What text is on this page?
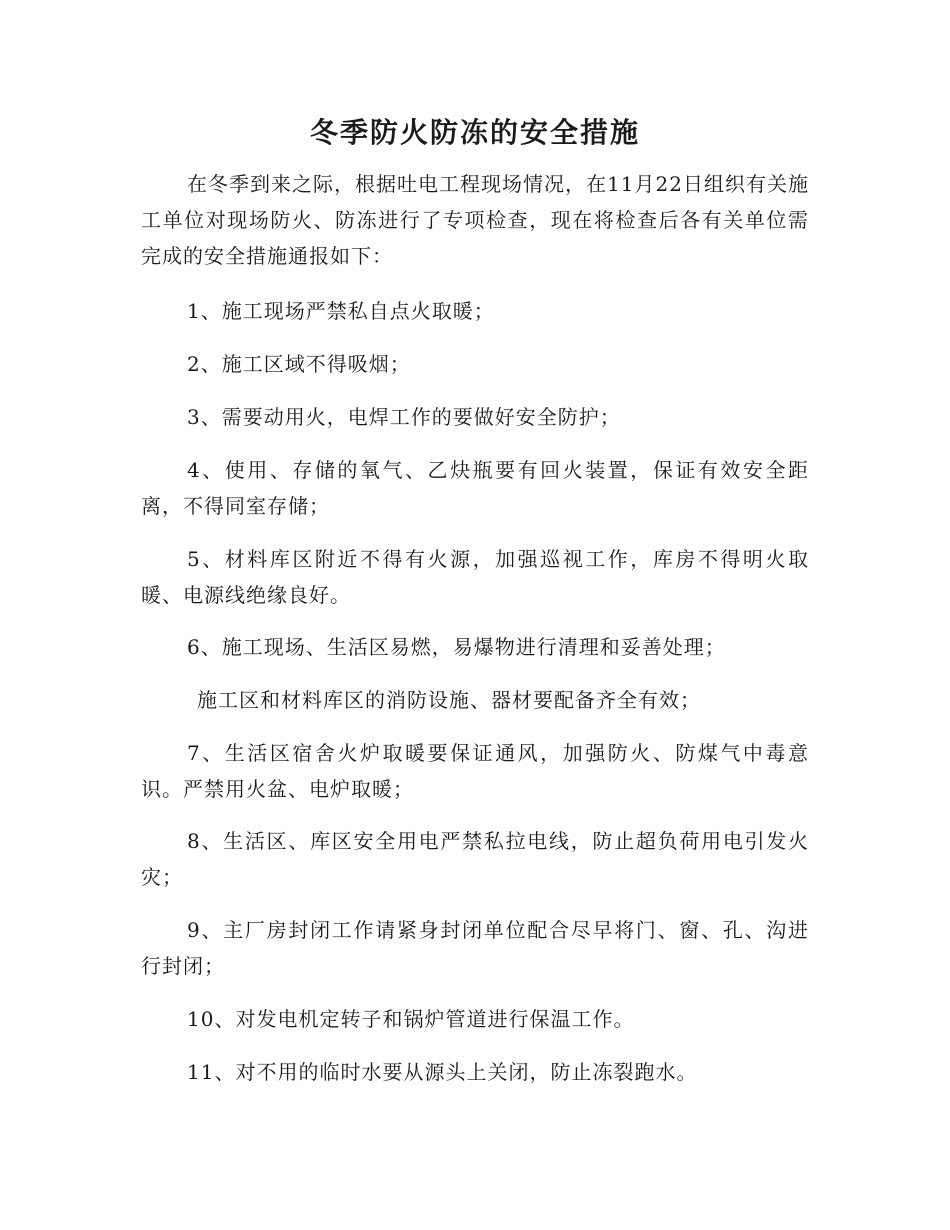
冬季防火防冻的安全措施

在冬季到来之际，根据吐电工程现场情况，在11月22日组织有关施工单位对现场防火、防冻进行了专项检查，现在将检查后各有关单位需完成的安全措施通报如下：

1、施工现场严禁私自点火取暖；

2、施工区域不得吸烟；

3、需要动用火，电焊工作的要做好安全防护；

4、使用、存储的氧气、乙炔瓶要有回火装置，保证有效安全距离，不得同室存储；

5、材料库区附近不得有火源，加强巡视工作，库房不得明火取暖、电源线绝缘良好。

6、施工现场、生活区易燃，易爆物进行清理和妥善处理；

施工区和材料库区的消防设施、器材要配备齐全有效；

7、生活区宿舍火炉取暖要保证通风，加强防火、防煤气中毒意识。严禁用火盆、电炉取暖；

8、生活区、库区安全用电严禁私拉电线，防止超负荷用电引发火灾；

9、主厂房封闭工作请紧身封闭单位配合尽早将门、窗、孔、沟进行封闭；

10、对发电机定转子和锅炉管道进行保温工作。

11、对不用的临时水要从源头上关闭，防止冻裂跑水。
